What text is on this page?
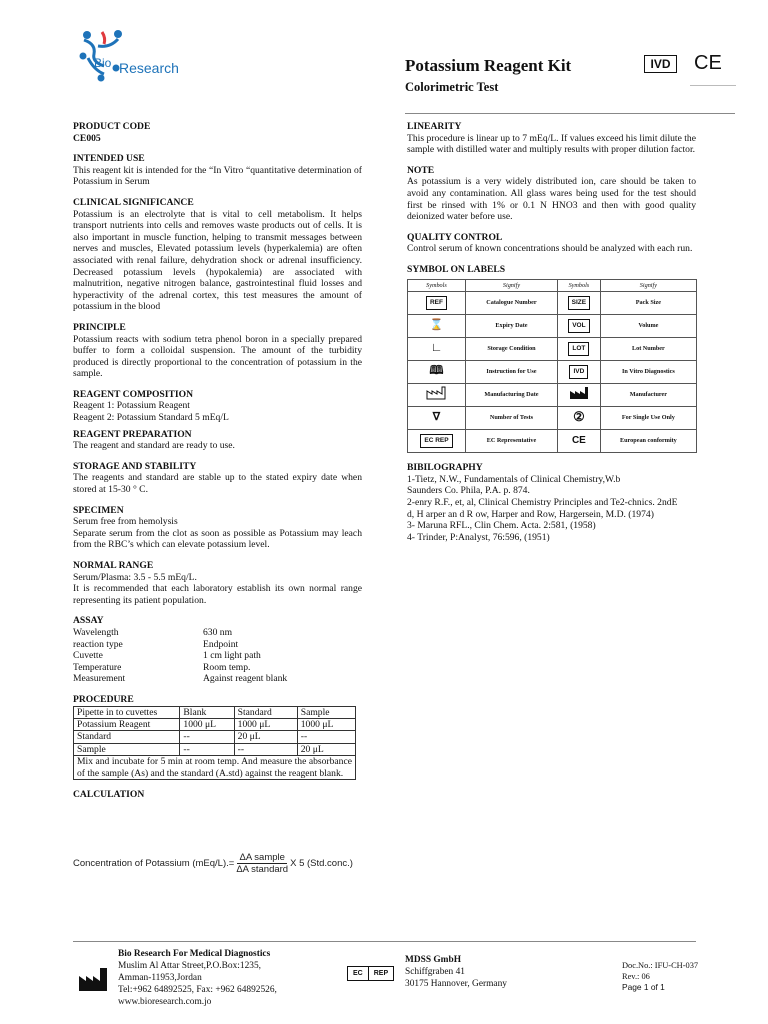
Bio Research	Potassium Reagent Kit
Colorimetric Test
IVD	CE

PRODUCT CODE

CE005

INTENDED USE

This reagent kit is intended for the “In Vitro “quantitative determination of Potassium in Serum

CLINICAL SIGNIFICANCE

Potassium is an electrolyte that is vital to cell metabolism. It helps transport nutrients into cells and removes waste products out of cells. It is also important in muscle function, helping to transmit messages between nerves and muscles, Elevated potassium levels (hyperkalemia) are often associated with renal failure, dehydration shock or adrenal insufficiency. Decreased potassium levels (hypokalemia) are associated with malnutrition, negative nitrogen balance, gastrointestinal fluid losses and hyperactivity of the adrenal cortex, this test measures the amount of potassium in the blood

PRINCIPLE

Potassium reacts with sodium tetra phenol boron in a specially prepared buffer to form a colloidal suspension. The amount of the turbidity produced is directly proportional to the concentration of potassium in the sample.

REAGENT COMPOSITION

Reagent 1: Potassium Reagent

Reagent 2: Potassium Standard 5 mEq/L

REAGENT PREPARATION

The reagent and standard are ready to use.

STORAGE AND STABILITY

The reagents and standard are stable up to the stated expiry date when stored at 15-30 ° C.

SPECIMEN

Serum free from hemolysis

Separate serum from the clot as soon as possible as Potassium may leach from the RBC’s which can elevate potassium level.

NORMAL RANGE

Serum/Plasma: 3.5 - 5.5 mEq/L.

It is recommended that each laboratory establish its own normal range representing its patient population.

ASSAY

Wavelength	630 nm
reaction type	Endpoint
Cuvette	1 cm light path
Temperature	Room temp.
Measurement	Against reagent blank

PROCEDURE

Pipette in to cuvettes	Blank	Standard	Sample
Potassium Reagent	1000 μL	1000 μL	1000 μL
Standard	--	20 μL	--
Sample	--	--	20 μL
Mix and incubate for 5 min at room temp. And measure the absorbance of the sample (As) and the standard (A.std) against the reagent blank.			

CALCULATION

Concentration of Potassium $(mEq/L).= \frac{\text{ΔA sample}}{\text{ΔA standard}}$ X 5 (Std.conc.)

LINEARITY

This procedure is linear up to 7 mEq/L. If values exceed his limit dilute the sample with distilled water and multiply results with proper dilution factor.

NOTE

As potassium is a very widely distributed ion, care should be taken to avoid any contamination. All glass wares being used for the test should first be rinsed with 1% or 0.1 N HNO3 and then with good quality deionized water before use.

QUALITY CONTROL

Control serum of known concentrations should be analyzed with each run.

SYMBOL ON LABELS

Symbols	Signify	Symbols	Signify
REF	Catalogue Number	SIZE	Pack Size
⌛	Expiry Date	VOL	Volume
∟	Storage Condition	LOT	Lot Number
🕮	Instruction for Use	IVD	In Vitro Diagnostics
	Manufacturing Date		Manufacturer
∇	Number of Tests	②	For Single Use Only
EC REP	EC Representative	CE	European conformity

BIBILOGRAPHY

1-Tietz, N.W., Fundamentals of Clinical Chemistry,W.b

Saunders Co. Phila, P.A. p. 874.

2-enry R.F., et, al, Clinical Chemistry Principles and Te2-chnics. 2ndE

d, H arper an d R ow, Harper and Row, Hargersein, M.D. (1974)

3- Maruna RFL., Clin Chem. Acta. 2:581, (1958)

4- Trinder, P:Analyst, 76:596, (1951)

Bio Research For Medical Diagnostics
Muslim Al Attar Street,P.O.Box:1235,
Amman-11953,Jordan
Tel:+962 64892525, Fax: +962 64892526,
www.bioresearch.com.jo
EC	REP
MDSS GmbH
Schiffgraben 41
30175 Hannover, Germany
Doc.No.: IFU-CH-037
Rev.: 06
Page 1 of 1
